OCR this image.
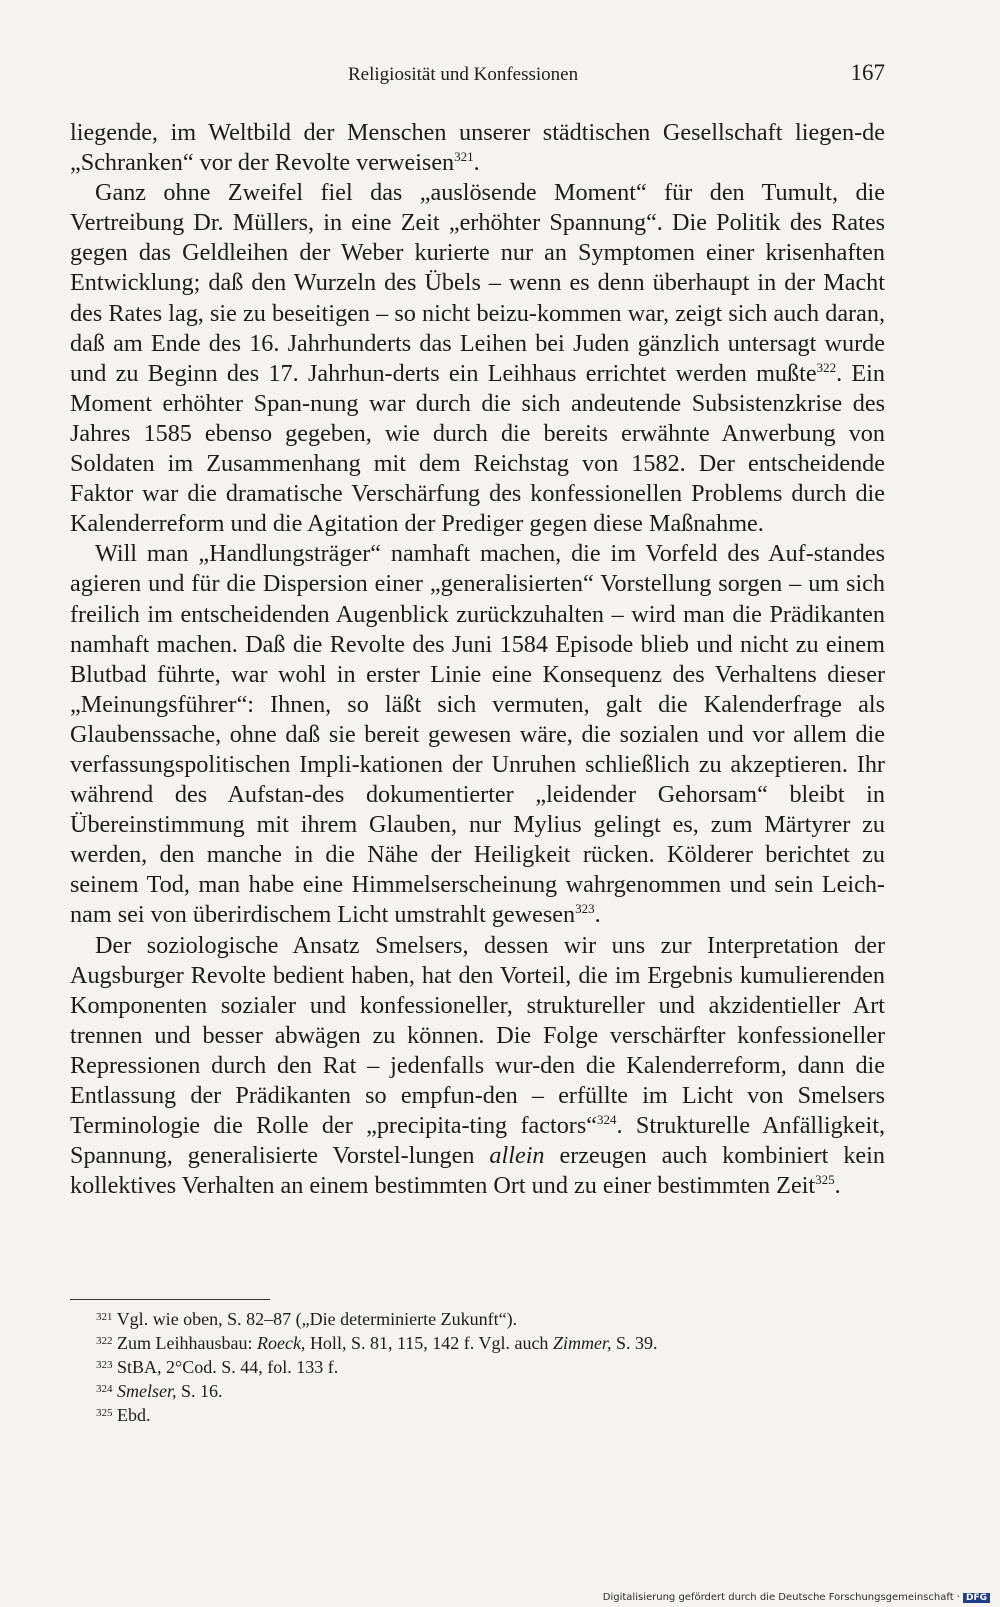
Religiosität und Konfessionen	167

liegende, im Weltbild der Menschen unserer städtischen Gesellschaft liegen-de „Schranken“ vor der Revolte verweisen$^{321}$.

Ganz ohne Zweifel fiel das „auslösende Moment“ für den Tumult, die Vertreibung Dr. Müllers, in eine Zeit „erhöhter Spannung“. Die Politik des Rates gegen das Geldleihen der Weber kurierte nur an Symptomen einer krisenhaften Entwicklung; daß den Wurzeln des Übels – wenn es denn überhaupt in der Macht des Rates lag, sie zu beseitigen – so nicht beizu-kommen war, zeigt sich auch daran, daß am Ende des 16. Jahrhunderts das Leihen bei Juden gänzlich untersagt wurde und zu Beginn des 17. Jahrhun-derts ein Leihhaus errichtet werden mußte$^{322}$. Ein Moment erhöhter Span-nung war durch die sich andeutende Subsistenzkrise des Jahres 1585 ebenso gegeben, wie durch die bereits erwähnte Anwerbung von Soldaten im Zusammenhang mit dem Reichstag von 1582. Der entscheidende Faktor war die dramatische Verschärfung des konfessionellen Problems durch die Kalenderreform und die Agitation der Prediger gegen diese Maßnahme.

Will man „Handlungsträger“ namhaft machen, die im Vorfeld des Auf-standes agieren und für die Dispersion einer „generalisierten“ Vorstellung sorgen – um sich freilich im entscheidenden Augenblick zurückzuhalten – wird man die Prädikanten namhaft machen. Daß die Revolte des Juni 1584 Episode blieb und nicht zu einem Blutbad führte, war wohl in erster Linie eine Konsequenz des Verhaltens dieser „Meinungsführer“: Ihnen, so läßt sich vermuten, galt die Kalenderfrage als Glaubenssache, ohne daß sie bereit gewesen wäre, die sozialen und vor allem die verfassungspolitischen Impli-kationen der Unruhen schließlich zu akzeptieren. Ihr während des Aufstan-des dokumentierter „leidender Gehorsam“ bleibt in Übereinstimmung mit ihrem Glauben, nur Mylius gelingt es, zum Märtyrer zu werden, den manche in die Nähe der Heiligkeit rücken. Kölderer berichtet zu seinem Tod, man habe eine Himmelserscheinung wahrgenommen und sein Leich-nam sei von überirdischem Licht umstrahlt gewesen$^{323}$.

Der soziologische Ansatz Smelsers, dessen wir uns zur Interpretation der Augsburger Revolte bedient haben, hat den Vorteil, die im Ergebnis kumulierenden Komponenten sozialer und konfessioneller, struktureller und akzidentieller Art trennen und besser abwägen zu können. Die Folge verschärfter konfessioneller Repressionen durch den Rat – jedenfalls wur-den die Kalenderreform, dann die Entlassung der Prädikanten so empfun-den – erfüllte im Licht von Smelsers Terminologie die Rolle der „precipita-ting factors“$^{324}$. Strukturelle Anfälligkeit, Spannung, generalisierte Vorstel-lungen allein erzeugen auch kombiniert kein kollektives Verhalten an einem bestimmten Ort und zu einer bestimmten Zeit$^{325}$.

$^{321}$ Vgl. wie oben, S. 82–87 („Die determinierte Zukunft“).
$^{322}$ Zum Leihhausbau: Roeck, Holl, S. 81, 115, 142 f. Vgl. auch Zimmer, S. 39.
$^{323}$ StBA, 2°Cod. S. 44, fol. 133 f.
$^{324}$ Smelser, S. 16.
$^{325}$ Ebd.
Digitalisierung gefördert durch die Deutsche Forschungsgemeinschaft · DFG
